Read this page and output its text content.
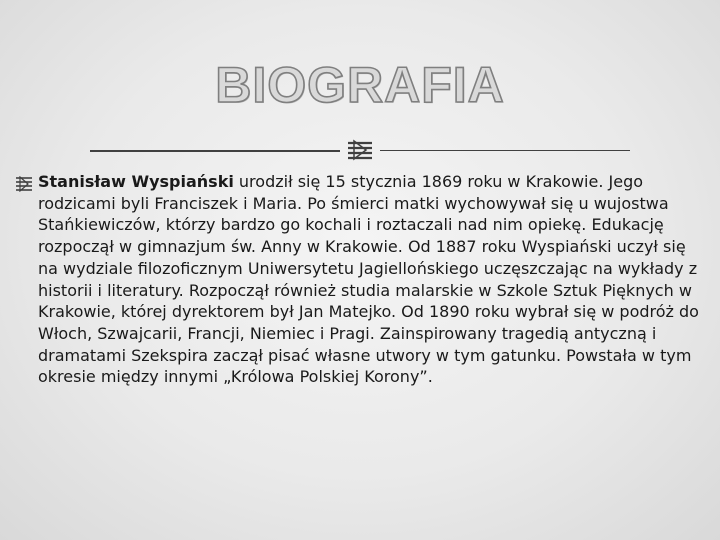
BIOGRAFIA

Stanisław Wyspiański urodził się 15 stycznia 1869 roku w Krakowie. Jego rodzicami byli Franciszek i Maria. Po śmierci matki wychowywał się u wujostwa Stańkiewiczów, którzy bardzo go kochali i roztaczali nad nim opiekę. Edukację rozpoczął w gimnazjum św. Anny w Krakowie. Od 1887 roku Wyspiański uczył się na wydziale filozoficznym Uniwersytetu Jagiellońskiego uczęszczając na wykłady z historii i literatury. Rozpoczął również studia malarskie w Szkole Sztuk Pięknych w Krakowie, której dyrektorem był Jan Matejko. Od 1890 roku wybrał się w podróż do Włoch, Szwajcarii, Francji, Niemiec i Pragi. Zainspirowany tragedią antyczną i dramatami Szekspira zaczął pisać własne utwory w tym gatunku. Powstała w tym okresie między innymi „Królowa Polskiej Korony”.
